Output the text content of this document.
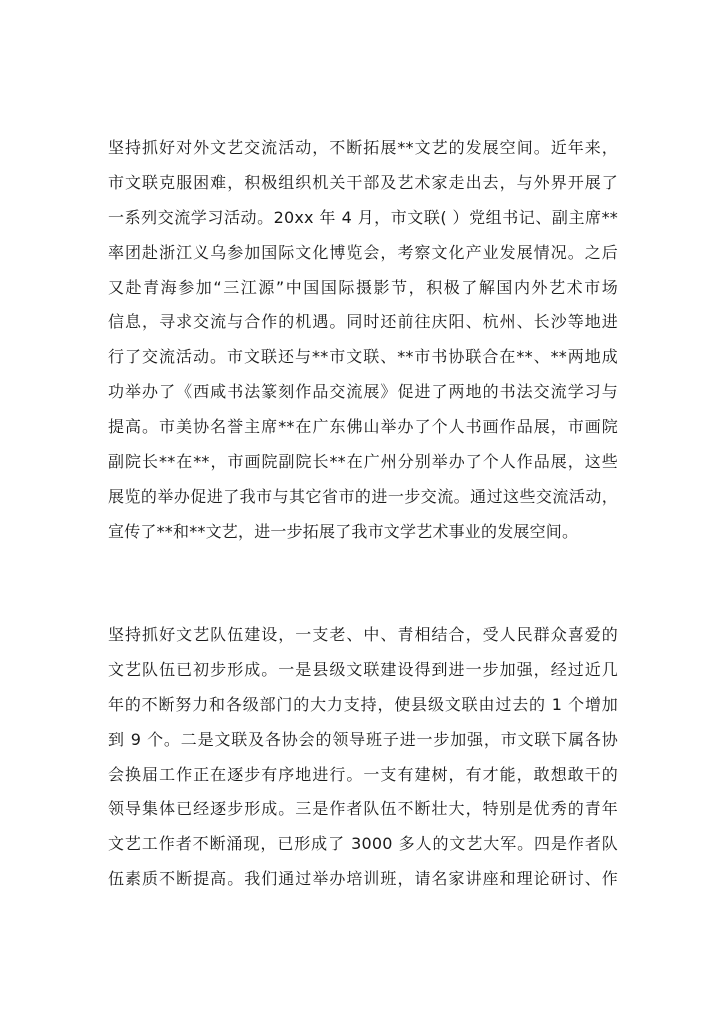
坚持抓好对外文艺交流活动，不断拓展**文艺的发展空间。近年来，
市文联克服困难，积极组织机关干部及艺术家走出去，与外界开展了
一系列交流学习活动。20xx 年 4 月，市文联( ）党组书记、副主席**
率团赴浙江义乌参加国际文化博览会，考察文化产业发展情况。之后
又赴青海参加“三江源”中国国际摄影节，积极了解国内外艺术市场
信息，寻求交流与合作的机遇。同时还前往庆阳、杭州、长沙等地进
行了交流活动。市文联还与**市文联、**市书协联合在**、**两地成
功举办了《西咸书法篆刻作品交流展》促进了两地的书法交流学习与
提高。市美协名誉主席**在广东佛山举办了个人书画作品展，市画院
副院长**在**，市画院副院长**在广州分别举办了个人作品展，这些
展览的举办促进了我市与其它省市的进一步交流。通过这些交流活动，
宣传了**和**文艺，进一步拓展了我市文学艺术事业的发展空间。
坚持抓好文艺队伍建设，一支老、中、青相结合，受人民群众喜爱的
文艺队伍已初步形成。一是县级文联建设得到进一步加强，经过近几
年的不断努力和各级部门的大力支持，使县级文联由过去的 1 个增加
到 9 个。二是文联及各协会的领导班子进一步加强，市文联下属各协
会换届工作正在逐步有序地进行。一支有建树，有才能，敢想敢干的
领导集体已经逐步形成。三是作者队伍不断壮大，特别是优秀的青年
文艺工作者不断涌现，已形成了 3000 多人的文艺大军。四是作者队
伍素质不断提高。我们通过举办培训班，请名家讲座和理论研讨、作
